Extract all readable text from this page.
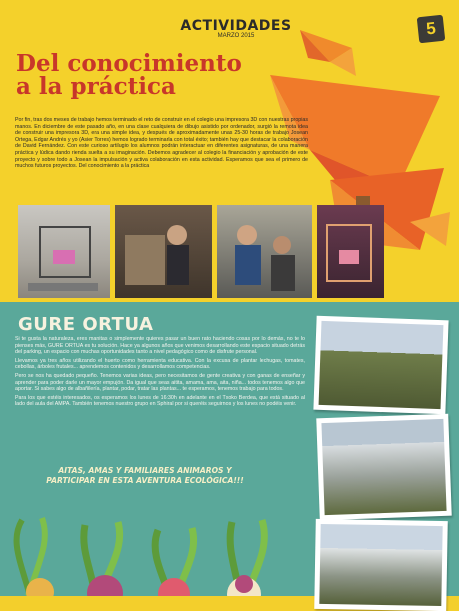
ACTIVIDADES
MARZO 2015	5
Del conocimiento
a la práctica
Por fin, tras dos meses de trabajo hemos terminado el reto de construir en el colegio una impresora 3D con nuestras propias manos. En diciembre de este pasado año, en una clase cualquiera de dibujo asistido por ordenador, surgió la remota idea de construir una impresora 3D, era una simple idea, y después de aproximadamente unas 25-30 horas de trabajo Josean Ortega, Edgar Andrés y yo (Asier Torres) hemos logrado terminarla con total éxito; también hay que destacar la colaboración de David Fernández. Con este curioso artilugio los alumnos podrán interactuar en diferentes asignaturas, de una manera práctica y lúdica dando rienda suelta a su imaginación. Debemos agradecer al colegio la financiación y aprobación de este proyecto y sobre todo a Josean la impulsación y activa colaboración en esta actividad. Esperamos que sea el primero de muchos futuros proyectos. Del conocimiento a la práctica
GURE ORTUA

Si te gusta la naturaleza, eres manitas o simplemente quieres pasar un buen rato haciendo cosas por lo demás, no te lo pienses más, GURE ORTUA es tu solución. Hace ya algunos años que venimos desarrollando este espacio situado detrás del parking, un espacio con muchas oportunidades tanto a nivel pedagógico como de disfrute personal.

Llevamos ya tres años utilizando el huerto como herramienta educativa. Con la excusa de plantar lechugas, tomates, cebollas, árboles frutales... aprendemos contenidos y desarrollamos competencias.

Pero se nos ha quedado pequeño. Tenemos varias ideas, pero necesitamos de gente creativa y con ganas de enseñar y aprender para poder darle un mayor empujón. Da igual que seas aitita, amama, ama, aita, niña... todos tenemos algo que aportar. Si sabes algo de albañilería, plantar, podar, tratar las plantas... te esperamos, tenemos trabajo para todos.

Para los que estéis interesados, os esperamos los lunes de 16:30h en adelante en el Txoko Berdea, que está situado al lado del aula del AMPA. También tenemos nuestro grupo en Sphiral por si queréis seguirnos y los lunes no podéis venir.

AITAS, AMAS Y FAMILIARES ANIMAROS Y PARTICIPAR EN ESTA AVENTURA ECOLÓGICA!!!
